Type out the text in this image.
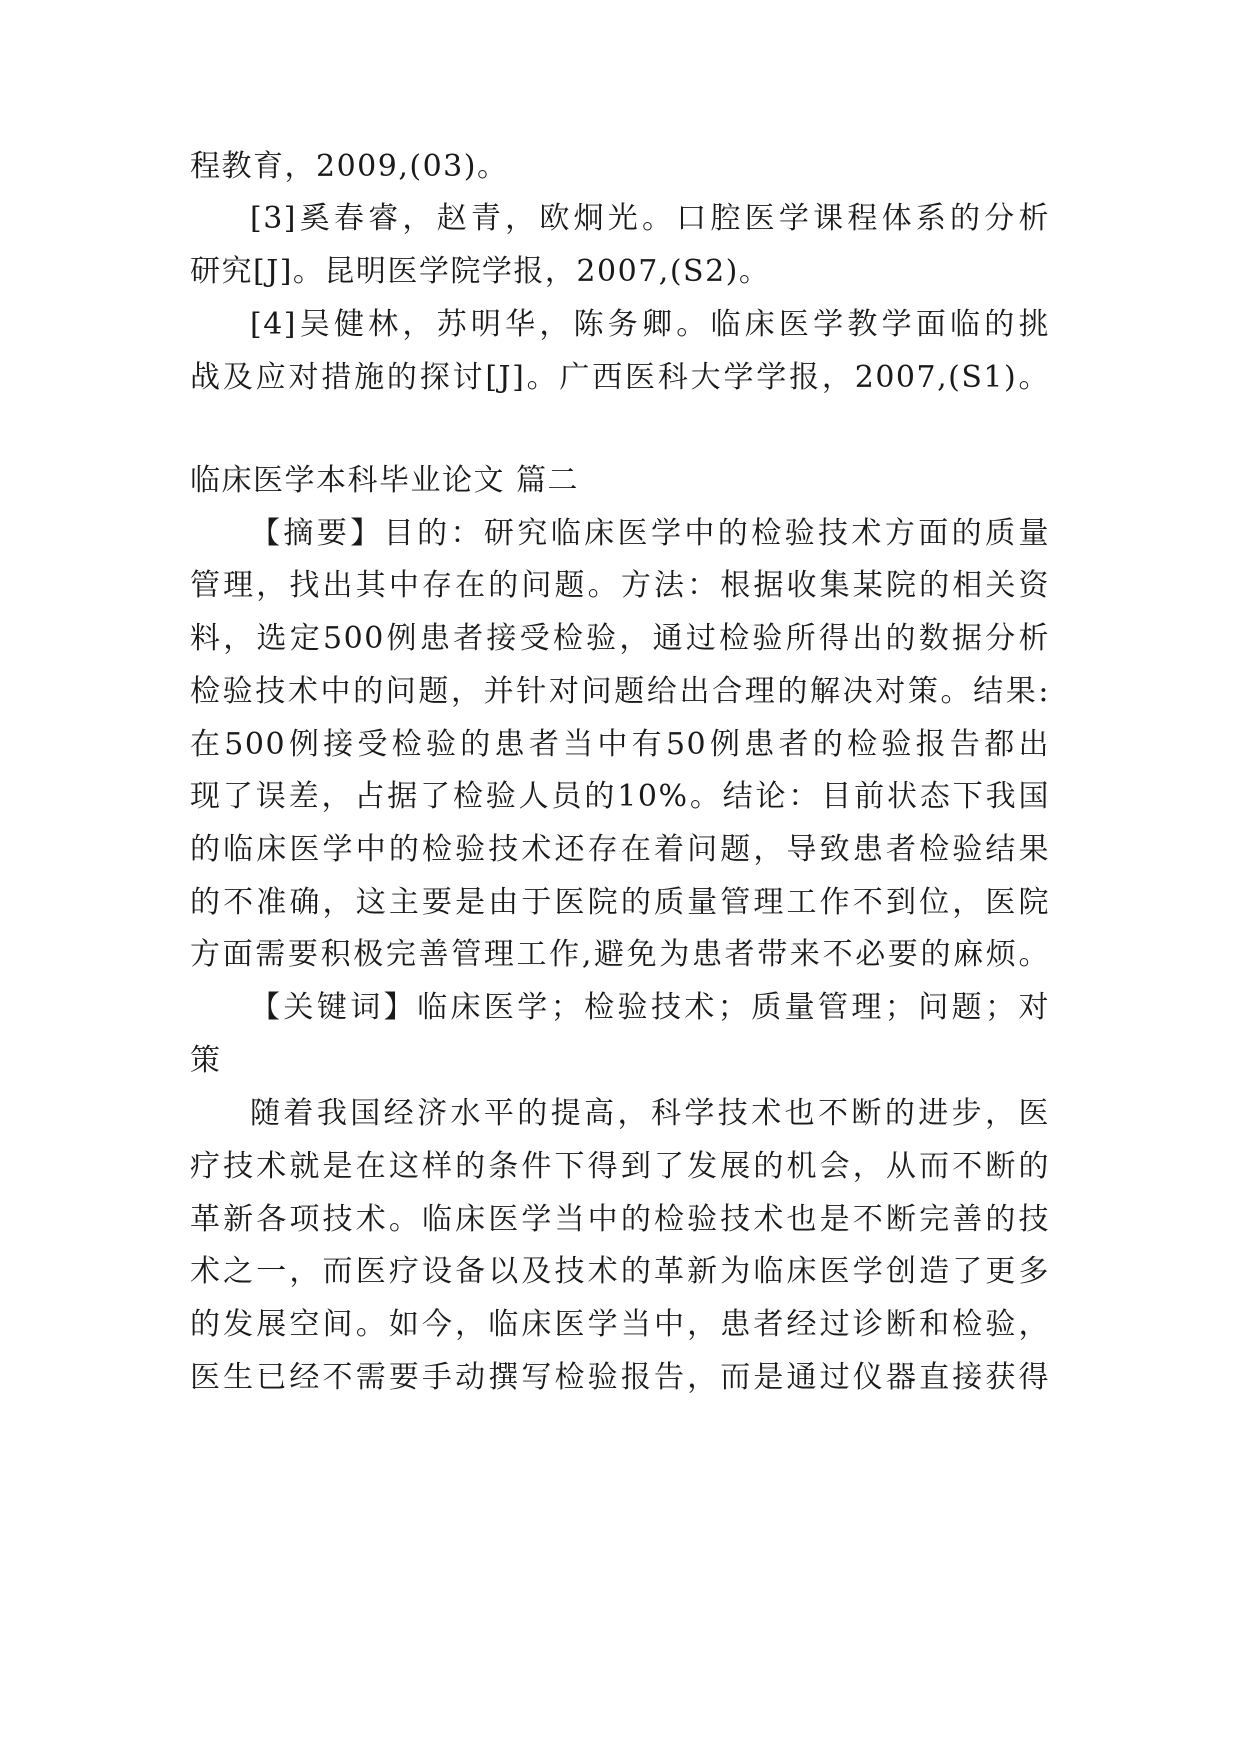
程教育，2009,(03)。
[3]奚春睿，赵青，欧炯光。口腔医学课程体系的分析
研究[J]。昆明医学院学报，2007,(S2)。
[4]吴健林，苏明华，陈务卿。临床医学教学面临的挑
战及应对措施的探讨[J]。广西医科大学学报，2007,(S1)。
临床医学本科毕业论文 篇二
【摘要】目的：研究临床医学中的检验技术方面的质量
管理，找出其中存在的问题。方法：根据收集某院的相关资
料，选定500例患者接受检验，通过检验所得出的数据分析
检验技术中的问题，并针对问题给出合理的解决对策。结果:
在500例接受检验的患者当中有50例患者的检验报告都出
现了误差，占据了检验人员的10%。结论：目前状态下我国
的临床医学中的检验技术还存在着问题，导致患者检验结果
的不准确，这主要是由于医院的质量管理工作不到位，医院
方面需要积极完善管理工作,避免为患者带来不必要的麻烦。
【关键词】临床医学；检验技术；质量管理；问题；对
策
随着我国经济水平的提高，科学技术也不断的进步，医
疗技术就是在这样的条件下得到了发展的机会，从而不断的
革新各项技术。临床医学当中的检验技术也是不断完善的技
术之一，而医疗设备以及技术的革新为临床医学创造了更多
的发展空间。如今，临床医学当中，患者经过诊断和检验，
医生已经不需要手动撰写检验报告，而是通过仪器直接获得
